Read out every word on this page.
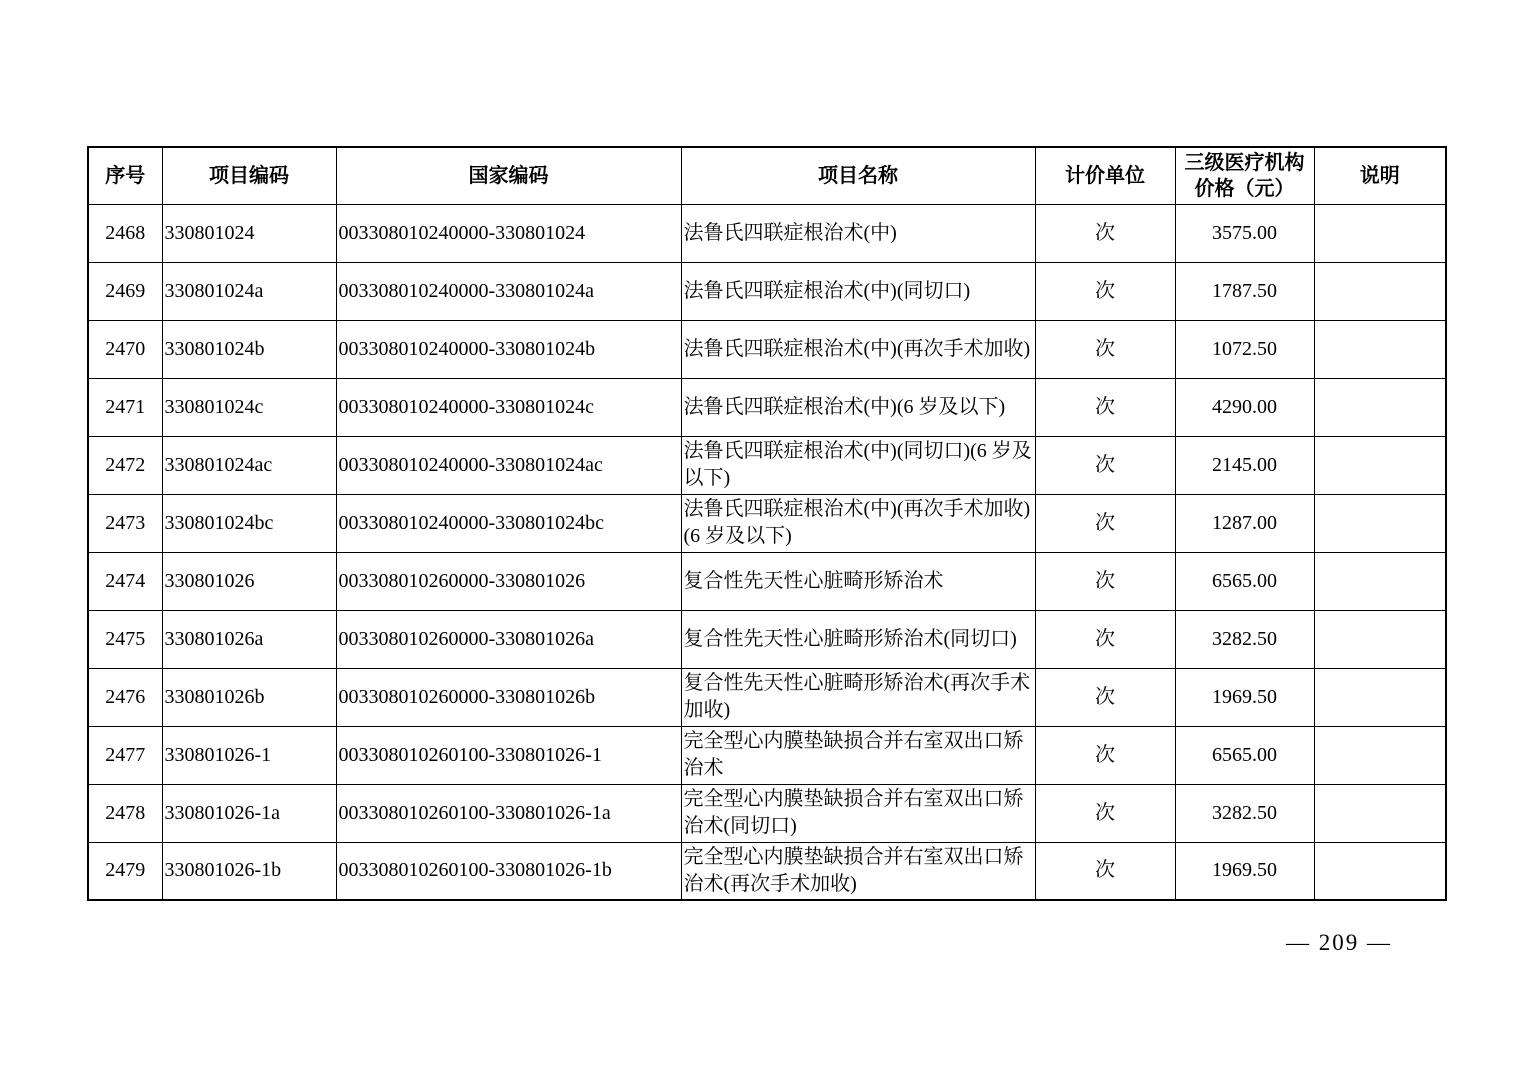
序号	项目编码	国家编码	项目名称	计价单位	三级医疗机构价格（元）	说明
2468	330801024	003308010240000-330801024	法鲁氏四联症根治术(中)	次	3575.00	
2469	330801024a	003308010240000-330801024a	法鲁氏四联症根治术(中)(同切口)	次	1787.50	
2470	330801024b	003308010240000-330801024b	法鲁氏四联症根治术(中)(再次手术加收)	次	1072.50	
2471	330801024c	003308010240000-330801024c	法鲁氏四联症根治术(中)(6 岁及以下)	次	4290.00	
2472	330801024ac	003308010240000-330801024ac	法鲁氏四联症根治术(中)(同切口)(6 岁及以下)	次	2145.00	
2473	330801024bc	003308010240000-330801024bc	法鲁氏四联症根治术(中)(再次手术加收)(6 岁及以下)	次	1287.00	
2474	330801026	003308010260000-330801026	复合性先天性心脏畸形矫治术	次	6565.00	
2475	330801026a	003308010260000-330801026a	复合性先天性心脏畸形矫治术(同切口)	次	3282.50	
2476	330801026b	003308010260000-330801026b	复合性先天性心脏畸形矫治术(再次手术加收)	次	1969.50	
2477	330801026-1	003308010260100-330801026-1	完全型心内膜垫缺损合并右室双出口矫治术	次	6565.00	
2478	330801026-1a	003308010260100-330801026-1a	完全型心内膜垫缺损合并右室双出口矫治术(同切口)	次	3282.50	
2479	330801026-1b	003308010260100-330801026-1b	完全型心内膜垫缺损合并右室双出口矫治术(再次手术加收)	次	1969.50	
— 209 —
